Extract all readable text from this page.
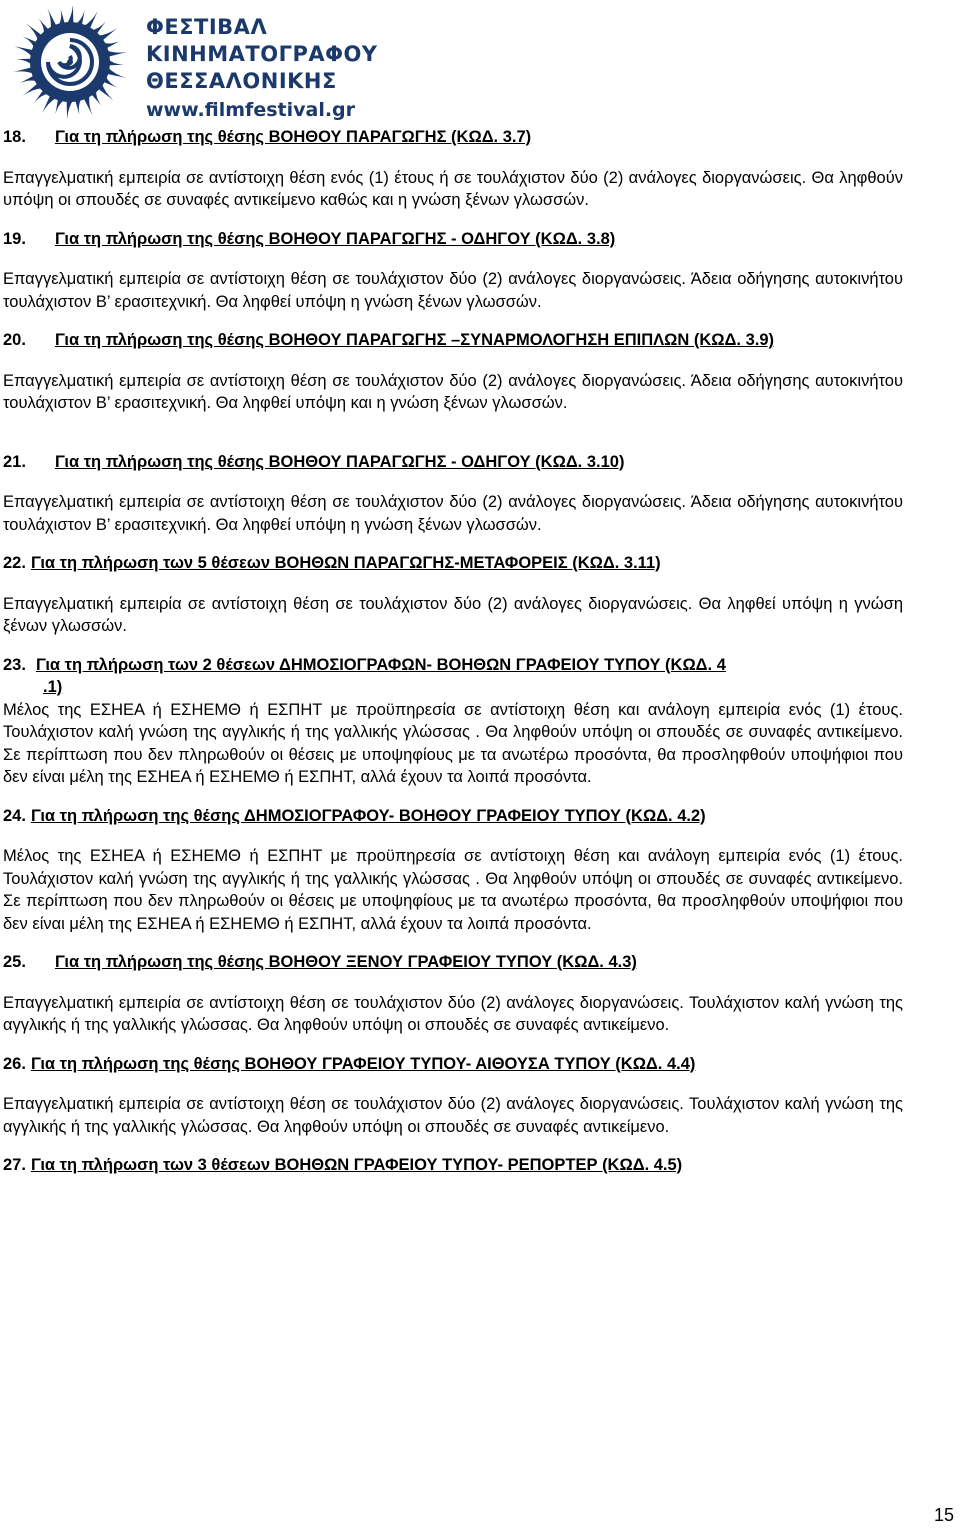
ΦΕΣΤΙΒΑΛ
ΚΙΝΗΜΑΤΟΓΡΑΦΟΥ
ΘΕΣΣΑΛΟΝΙΚΗΣ
www.filmfestival.gr
18. Για τη πλήρωση της θέσης ΒΟΗΘΟΥ ΠΑΡΑΓΩΓΗΣ (ΚΩΔ. 3.7)
Επαγγελματική εμπειρία σε αντίστοιχη θέση ενός (1) έτους ή σε τουλάχιστον δύο (2) ανάλογες διοργανώσεις. Θα ληφθούν υπόψη οι σπουδές σε συναφές αντικείμενο καθώς και η γνώση ξένων γλωσσών.
19. Για τη πλήρωση της θέσης ΒΟΗΘΟΥ ΠΑΡΑΓΩΓΗΣ - ΟΔΗΓΟΥ (ΚΩΔ. 3.8)
Επαγγελματική εμπειρία σε αντίστοιχη θέση σε τουλάχιστον δύο (2) ανάλογες διοργανώσεις. Άδεια οδήγησης αυτοκινήτου τουλάχιστον Β’ ερασιτεχνική. Θα ληφθεί υπόψη η γνώση ξένων γλωσσών.
20. Για τη πλήρωση της θέσης ΒΟΗΘΟΥ ΠΑΡΑΓΩΓΗΣ –ΣΥΝΑΡΜΟΛΟΓΗΣΗ ΕΠΙΠΛΩΝ (ΚΩΔ. 3.9)
Επαγγελματική εμπειρία σε αντίστοιχη θέση σε τουλάχιστον δύο (2) ανάλογες διοργανώσεις. Άδεια οδήγησης αυτοκινήτου τουλάχιστον Β’ ερασιτεχνική. Θα ληφθεί υπόψη και η γνώση ξένων γλωσσών.
21. Για τη πλήρωση της θέσης ΒΟΗΘΟΥ ΠΑΡΑΓΩΓΗΣ - ΟΔΗΓΟΥ (ΚΩΔ. 3.10)
Επαγγελματική εμπειρία σε αντίστοιχη θέση σε τουλάχιστον δύο (2) ανάλογες διοργανώσεις. Άδεια οδήγησης αυτοκινήτου τουλάχιστον Β’ ερασιτεχνική. Θα ληφθεί υπόψη η γνώση ξένων γλωσσών.
22. Για τη πλήρωση των 5 θέσεων ΒΟΗΘΩΝ ΠΑΡΑΓΩΓΗΣ-ΜΕΤΑΦΟΡΕΙΣ (ΚΩΔ. 3.11)
Επαγγελματική εμπειρία σε αντίστοιχη θέση σε τουλάχιστον δύο (2) ανάλογες διοργανώσεις. Θα ληφθεί υπόψη η γνώση ξένων γλωσσών.
23. Για τη πλήρωση των 2 θέσεων ΔΗΜΟΣΙΟΓΡΑΦΩΝ- ΒΟΗΘΩΝ ΓΡΑΦΕΙΟΥ ΤΥΠΟΥ (ΚΩΔ. 4
.1)
Μέλος της ΕΣΗΕΑ ή ΕΣΗΕΜΘ ή ΕΣΠΗΤ με προϋπηρεσία σε αντίστοιχη θέση και ανάλογη εμπειρία ενός (1) έτους. Τουλάχιστον καλή γνώση της αγγλικής ή της γαλλικής γλώσσας . Θα ληφθούν υπόψη οι σπουδές σε συναφές αντικείμενο. Σε περίπτωση που δεν πληρωθούν οι θέσεις με υποψηφίους με τα ανωτέρω προσόντα, θα προσληφθούν υποψήφιοι που δεν είναι μέλη της ΕΣΗΕΑ ή ΕΣΗΕΜΘ ή ΕΣΠΗΤ, αλλά έχουν τα λοιπά προσόντα.
24. Για τη πλήρωση της θέσης ΔΗΜΟΣΙΟΓΡΑΦΟΥ- ΒΟΗΘΟΥ ΓΡΑΦΕΙΟΥ ΤΥΠΟΥ (ΚΩΔ. 4.2)
Μέλος της ΕΣΗΕΑ ή ΕΣΗΕΜΘ ή ΕΣΠΗΤ με προϋπηρεσία σε αντίστοιχη θέση και ανάλογη εμπειρία ενός (1) έτους. Τουλάχιστον καλή γνώση της αγγλικής ή της γαλλικής γλώσσας . Θα ληφθούν υπόψη οι σπουδές σε συναφές αντικείμενο. Σε περίπτωση που δεν πληρωθούν οι θέσεις με υποψηφίους με τα ανωτέρω προσόντα, θα προσληφθούν υποψήφιοι που δεν είναι μέλη της ΕΣΗΕΑ ή ΕΣΗΕΜΘ ή ΕΣΠΗΤ, αλλά έχουν τα λοιπά προσόντα.
25. Για τη πλήρωση της θέσης ΒΟΗΘΟΥ ΞΕΝΟΥ ΓΡΑΦΕΙΟΥ ΤΥΠΟΥ (ΚΩΔ. 4.3)
Επαγγελματική εμπειρία σε αντίστοιχη θέση σε τουλάχιστον δύο (2) ανάλογες διοργανώσεις. Τουλάχιστον καλή γνώση της αγγλικής ή της γαλλικής γλώσσας. Θα ληφθούν υπόψη οι σπουδές σε συναφές αντικείμενο.
26. Για τη πλήρωση της θέσης ΒΟΗΘΟΥ ΓΡΑΦΕΙΟΥ ΤΥΠΟΥ- ΑΙΘΟΥΣΑ ΤΥΠΟΥ (ΚΩΔ. 4.4)
Επαγγελματική εμπειρία σε αντίστοιχη θέση σε τουλάχιστον δύο (2) ανάλογες διοργανώσεις. Τουλάχιστον καλή γνώση της αγγλικής ή της γαλλικής γλώσσας. Θα ληφθούν υπόψη οι σπουδές σε συναφές αντικείμενο.
27. Για τη πλήρωση των 3 θέσεων ΒΟΗΘΩΝ ΓΡΑΦΕΙΟΥ ΤΥΠΟΥ- ΡΕΠΟΡΤΕΡ (ΚΩΔ. 4.5)
15
